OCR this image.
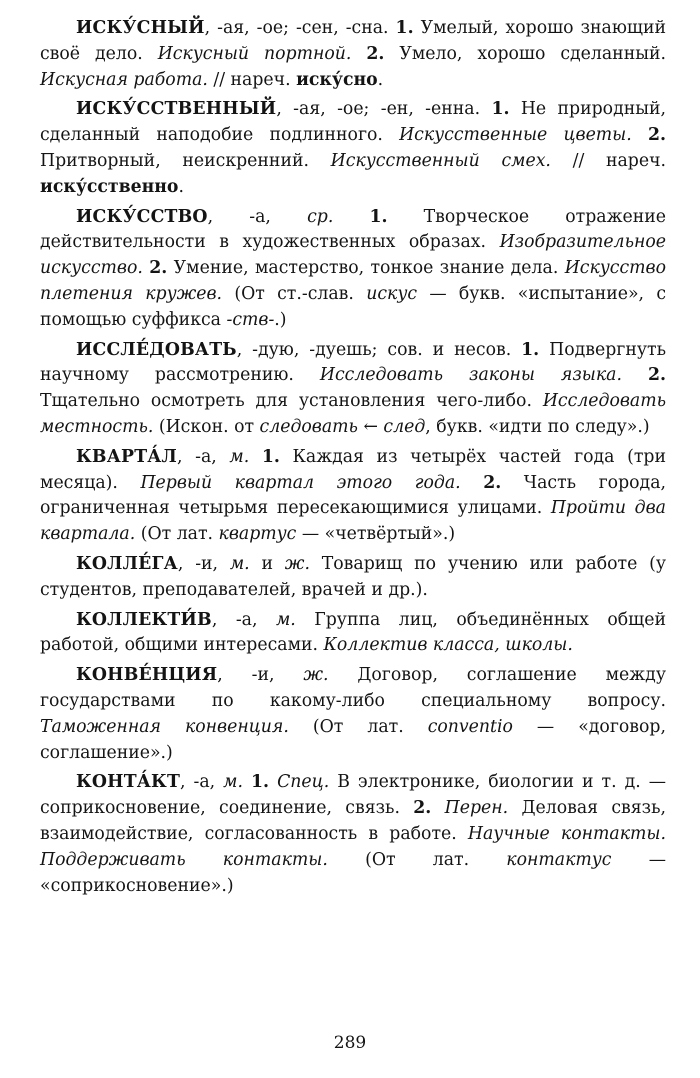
ИСКУ́СНЫЙ, -ая, -ое; -сен, -сна. 1. Умелый, хорошо знающий своё дело. Искусный портной. 2. Умело, хорошо сделанный. Искусная работа. // нареч. иску́сно.

ИСКУ́ССТВЕННЫЙ, -ая, -ое; -ен, -енна. 1. Не природный, сделанный наподобие подлинного. Искусственные цветы. 2. Притворный, неискренний. Искусственный смех. // нареч. иску́сственно.

ИСКУ́ССТВО, -а, ср. 1. Творческое отражение действительности в художественных образах. Изобразительное искусство. 2. Умение, мастерство, тонкое знание дела. Искусство плетения кружев. (От ст.-слав. искус — букв. «испытание», с помощью суффикса -ств-.)

ИССЛЕ́ДОВАТЬ, -дую, -дуешь; сов. и несов. 1. Подвергнуть научному рассмотрению. Исследовать законы языка. 2. Тщательно осмотреть для установления чего-либо. Исследовать местность. (Искон. от следовать ← след, букв. «идти по следу».)

КВАРТА́Л, -а, м. 1. Каждая из четырёх частей года (три месяца). Первый квартал этого года. 2. Часть города, ограниченная четырьмя пересекающимися улицами. Пройти два квартала. (От лат. квартус — «четвёртый».)

КОЛЛЕ́ГА, -и, м. и ж. Товарищ по учению или работе (у студентов, преподавателей, врачей и др.).

КОЛЛЕКТИ́В, -а, м. Группа лиц, объединённых общей работой, общими интересами. Коллектив класса, школы.

КОНВЕ́НЦИЯ, -и, ж. Договор, соглашение между государствами по какому-либо специальному вопросу. Таможенная конвенция. (От лат. conventio — «договор, соглашение».)

КОНТА́КТ, -а, м. 1. Спец. В электронике, биологии и т. д. — соприкосновение, соединение, связь. 2. Перен. Деловая связь, взаимодействие, согласованность в работе. Научные контакты. Поддерживать контакты. (От лат. контактус — «соприкосновение».)

289
